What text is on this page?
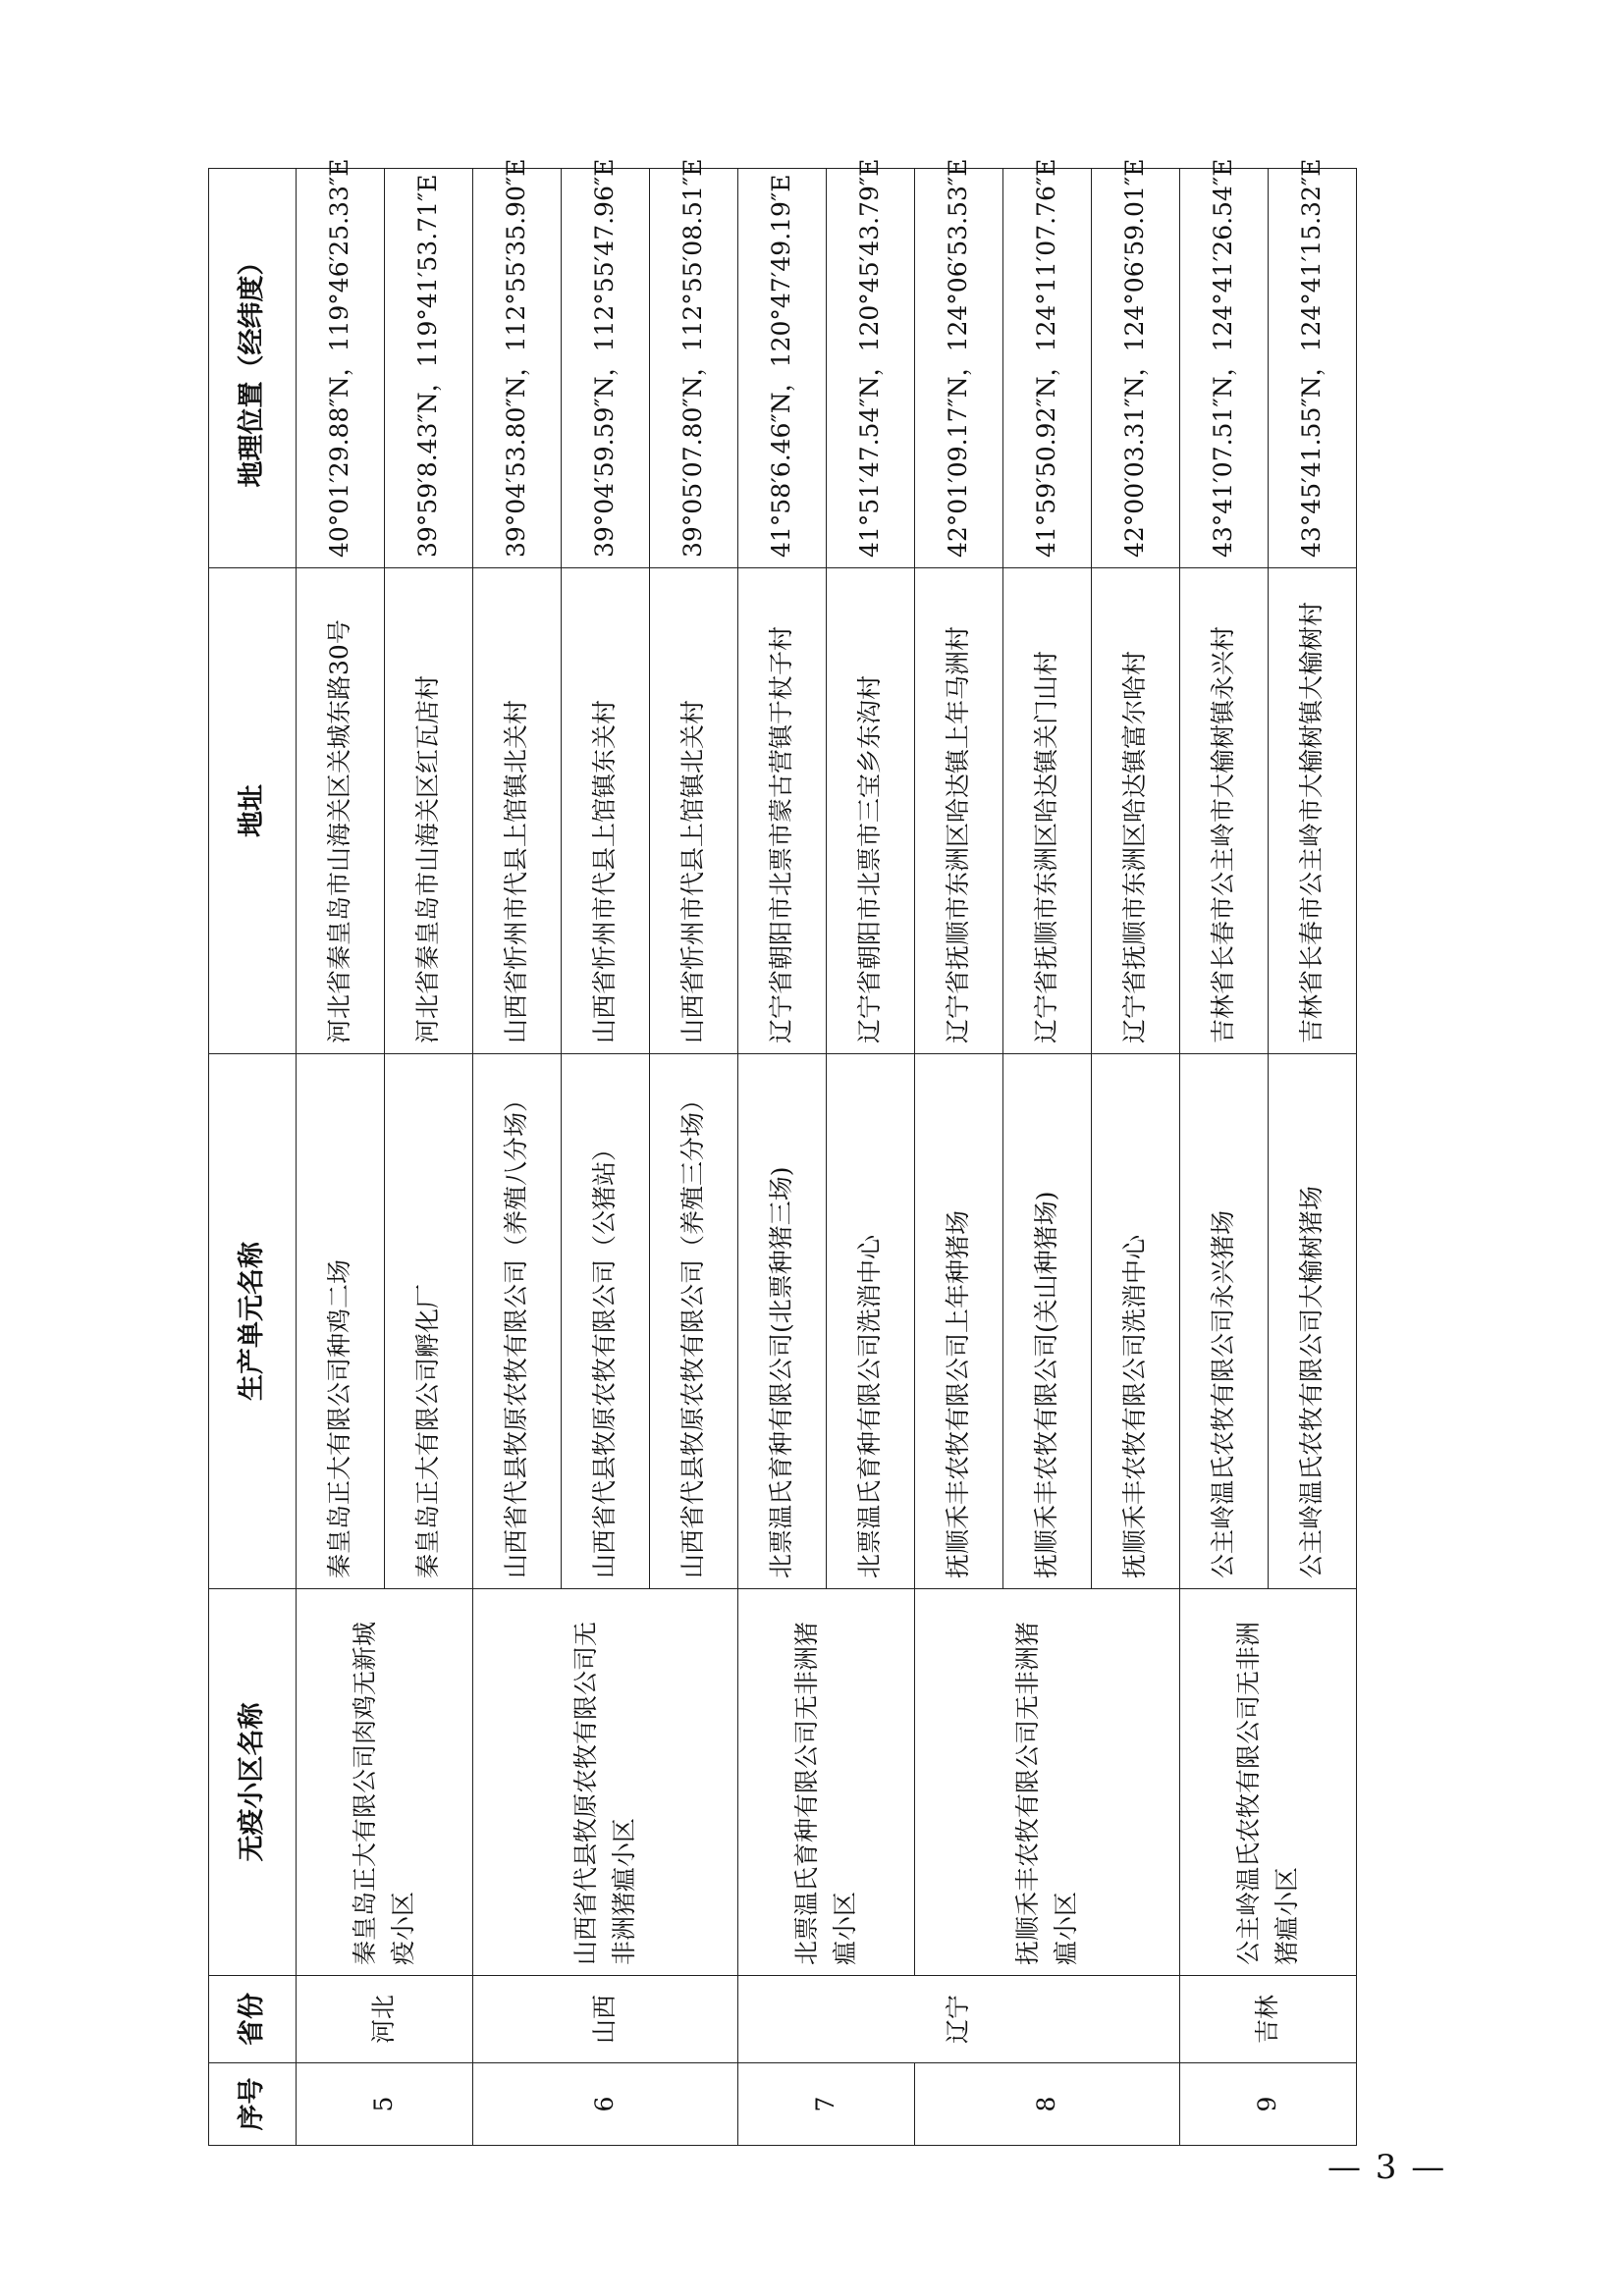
序号	省份	无疫小区名称	生产单元名称	地址	地理位置（经纬度）
5	河北	秦皇岛正大有限公司肉鸡无新城疫小区	秦皇岛正大有限公司种鸡二场	河北省秦皇岛市山海关区关城东路30号	40°01′29.88″N，119°46′25.33″E
			秦皇岛正大有限公司孵化厂	河北省秦皇岛市山海关区红瓦店村	39°59′8.43″N，119°41′53.71″E
6	山西	山西省代县牧原农牧有限公司无非洲猪瘟小区	山西省代县牧原农牧有限公司（养殖八分场）	山西省忻州市代县上馆镇北关村	39°04′53.80″N，112°55′35.90″E
			山西省代县牧原农牧有限公司（公猪站）	山西省忻州市代县上馆镇东关村	39°04′59.59″N，112°55′47.96″E
			山西省代县牧原农牧有限公司（养殖三分场）	山西省忻州市代县上馆镇北关村	39°05′07.80″N，112°55′08.51″E
7	辽宁	北票温氏育种有限公司无非洲猪瘟小区	北票温氏育种有限公司(北票种猪三场)	辽宁省朝阳市北票市蒙古营镇于杖子村	41°58′6.46″N，120°47′49.19″E
			北票温氏育种有限公司洗消中心	辽宁省朝阳市北票市三宝乡东沟村	41°51′47.54″N，120°45′43.79″E
8		抚顺禾丰农牧有限公司无非洲猪瘟小区	抚顺禾丰农牧有限公司上年种猪场	辽宁省抚顺市东洲区哈达镇上年马洲村	42°01′09.17″N，124°06′53.53″E
			抚顺禾丰农牧有限公司(关山种猪场)	辽宁省抚顺市东洲区哈达镇关门山村	41°59′50.92″N，124°11′07.76″E
			抚顺禾丰农牧有限公司洗消中心	辽宁省抚顺市东洲区哈达镇富尔哈村	42°00′03.31″N，124°06′59.01″E
9	吉林	公主岭温氏农牧有限公司无非洲猪瘟小区	公主岭温氏农牧有限公司永兴猪场	吉林省长春市公主岭市大榆树镇永兴村	43°41′07.51″N，124°41′26.54″E
			公主岭温氏农牧有限公司大榆树猪场	吉林省长春市公主岭市大榆树镇大榆树村	43°45′41.55″N，124°41′15.32″E
— 3 —
